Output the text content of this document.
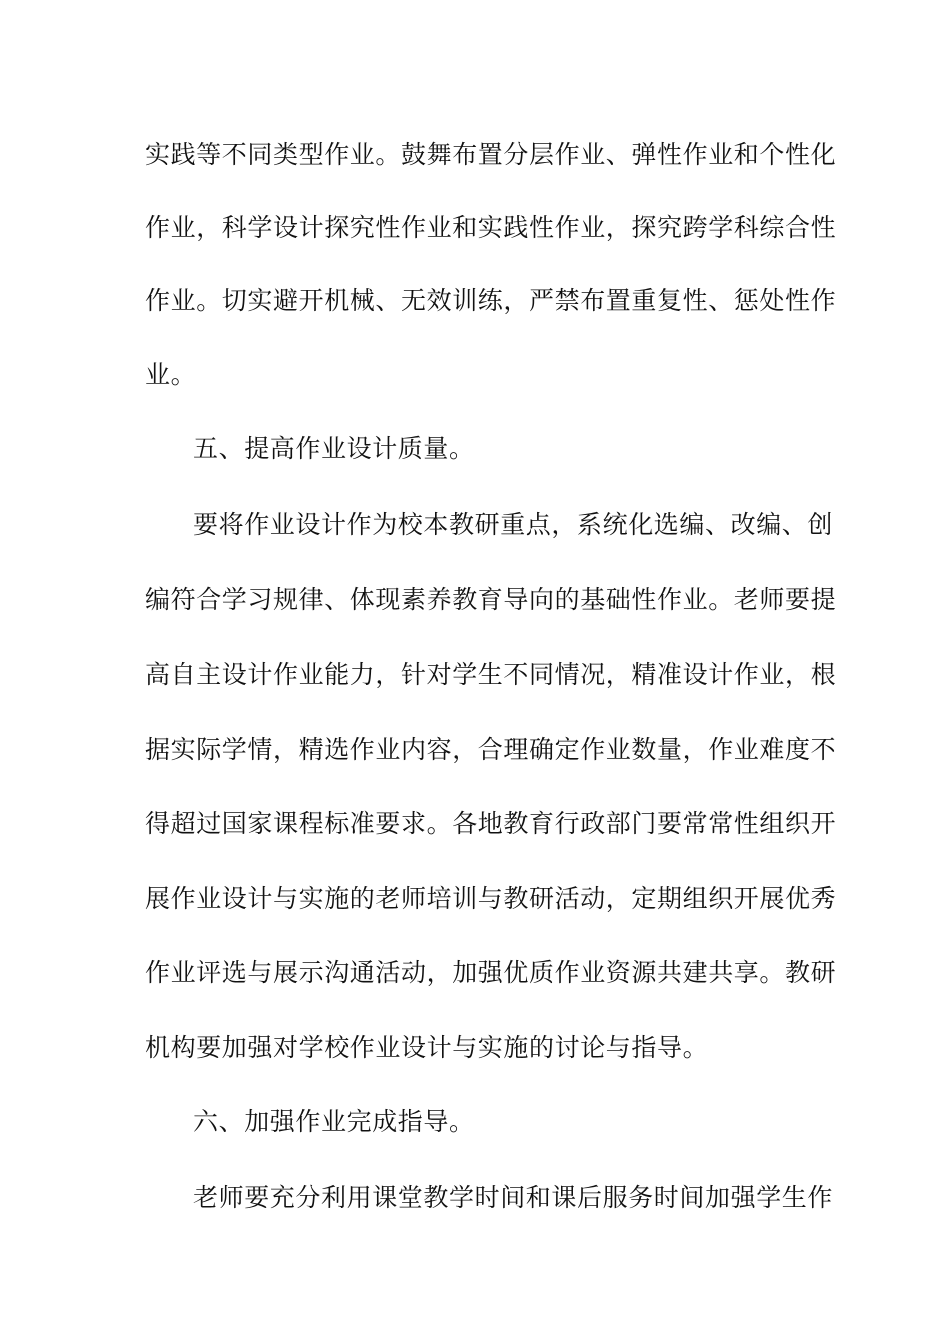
实践等不同类型作业。鼓舞布置分层作业、弹性作业和个性化
作业，科学设计探究性作业和实践性作业，探究跨学科综合性
作业。切实避开机械、无效训练，严禁布置重复性、惩处性作
业。
五、提高作业设计质量。
要将作业设计作为校本教研重点，系统化选编、改编、创
编符合学习规律、体现素养教育导向的基础性作业。老师要提
高自主设计作业能力，针对学生不同情况，精准设计作业，根
据实际学情，精选作业内容，合理确定作业数量，作业难度不
得超过国家课程标准要求。各地教育行政部门要常常性组织开
展作业设计与实施的老师培训与教研活动，定期组织开展优秀
作业评选与展示沟通活动，加强优质作业资源共建共享。教研
机构要加强对学校作业设计与实施的讨论与指导。
六、加强作业完成指导。
老师要充分利用课堂教学时间和课后服务时间加强学生作
